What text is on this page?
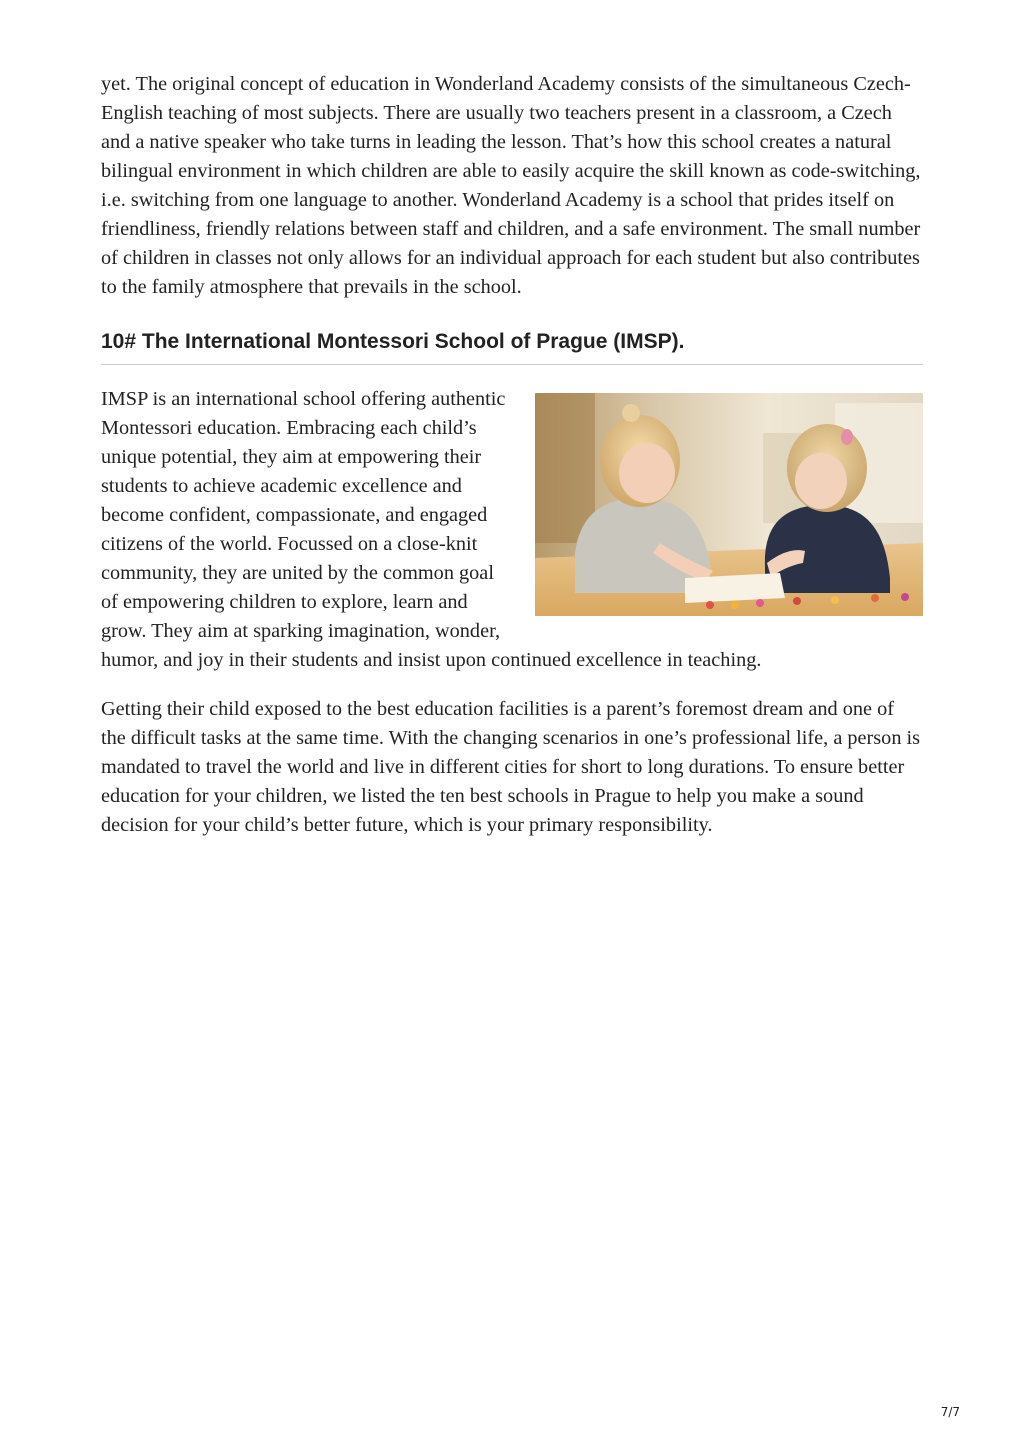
yet. The original concept of education in Wonderland Academy consists of the simultaneous Czech-English teaching of most subjects. There are usually two teachers present in a classroom, a Czech and a native speaker who take turns in leading the lesson. That’s how this school creates a natural bilingual environment in which children are able to easily acquire the skill known as code-switching, i.e. switching from one language to another. Wonderland Academy is a school that prides itself on friendliness, friendly relations between staff and children, and a safe environment. The small number of children in classes not only allows for an individual approach for each student but also contributes to the family atmosphere that prevails in the school.

10# The International Montessori School of Prague (IMSP).
IMSP is an international school offering authentic Montessori education. Embracing each child’s unique potential, they aim at empowering their students to achieve academic excellence and become confident, compassionate, and engaged citizens of the world. Focussed on a close-knit community, they are united by the common goal of empowering children to explore, learn and grow. They aim at sparking imagination, wonder, humor, and joy in their students and insist upon continued excellence in teaching.

Getting their child exposed to the best education facilities is a parent’s foremost dream and one of the difficult tasks at the same time. With the changing scenarios in one’s professional life, a person is mandated to travel the world and live in different cities for short to long durations. To ensure better education for your children, we listed the ten best schools in Prague to help you make a sound decision for your child’s better future, which is your primary responsibility.

7/7
